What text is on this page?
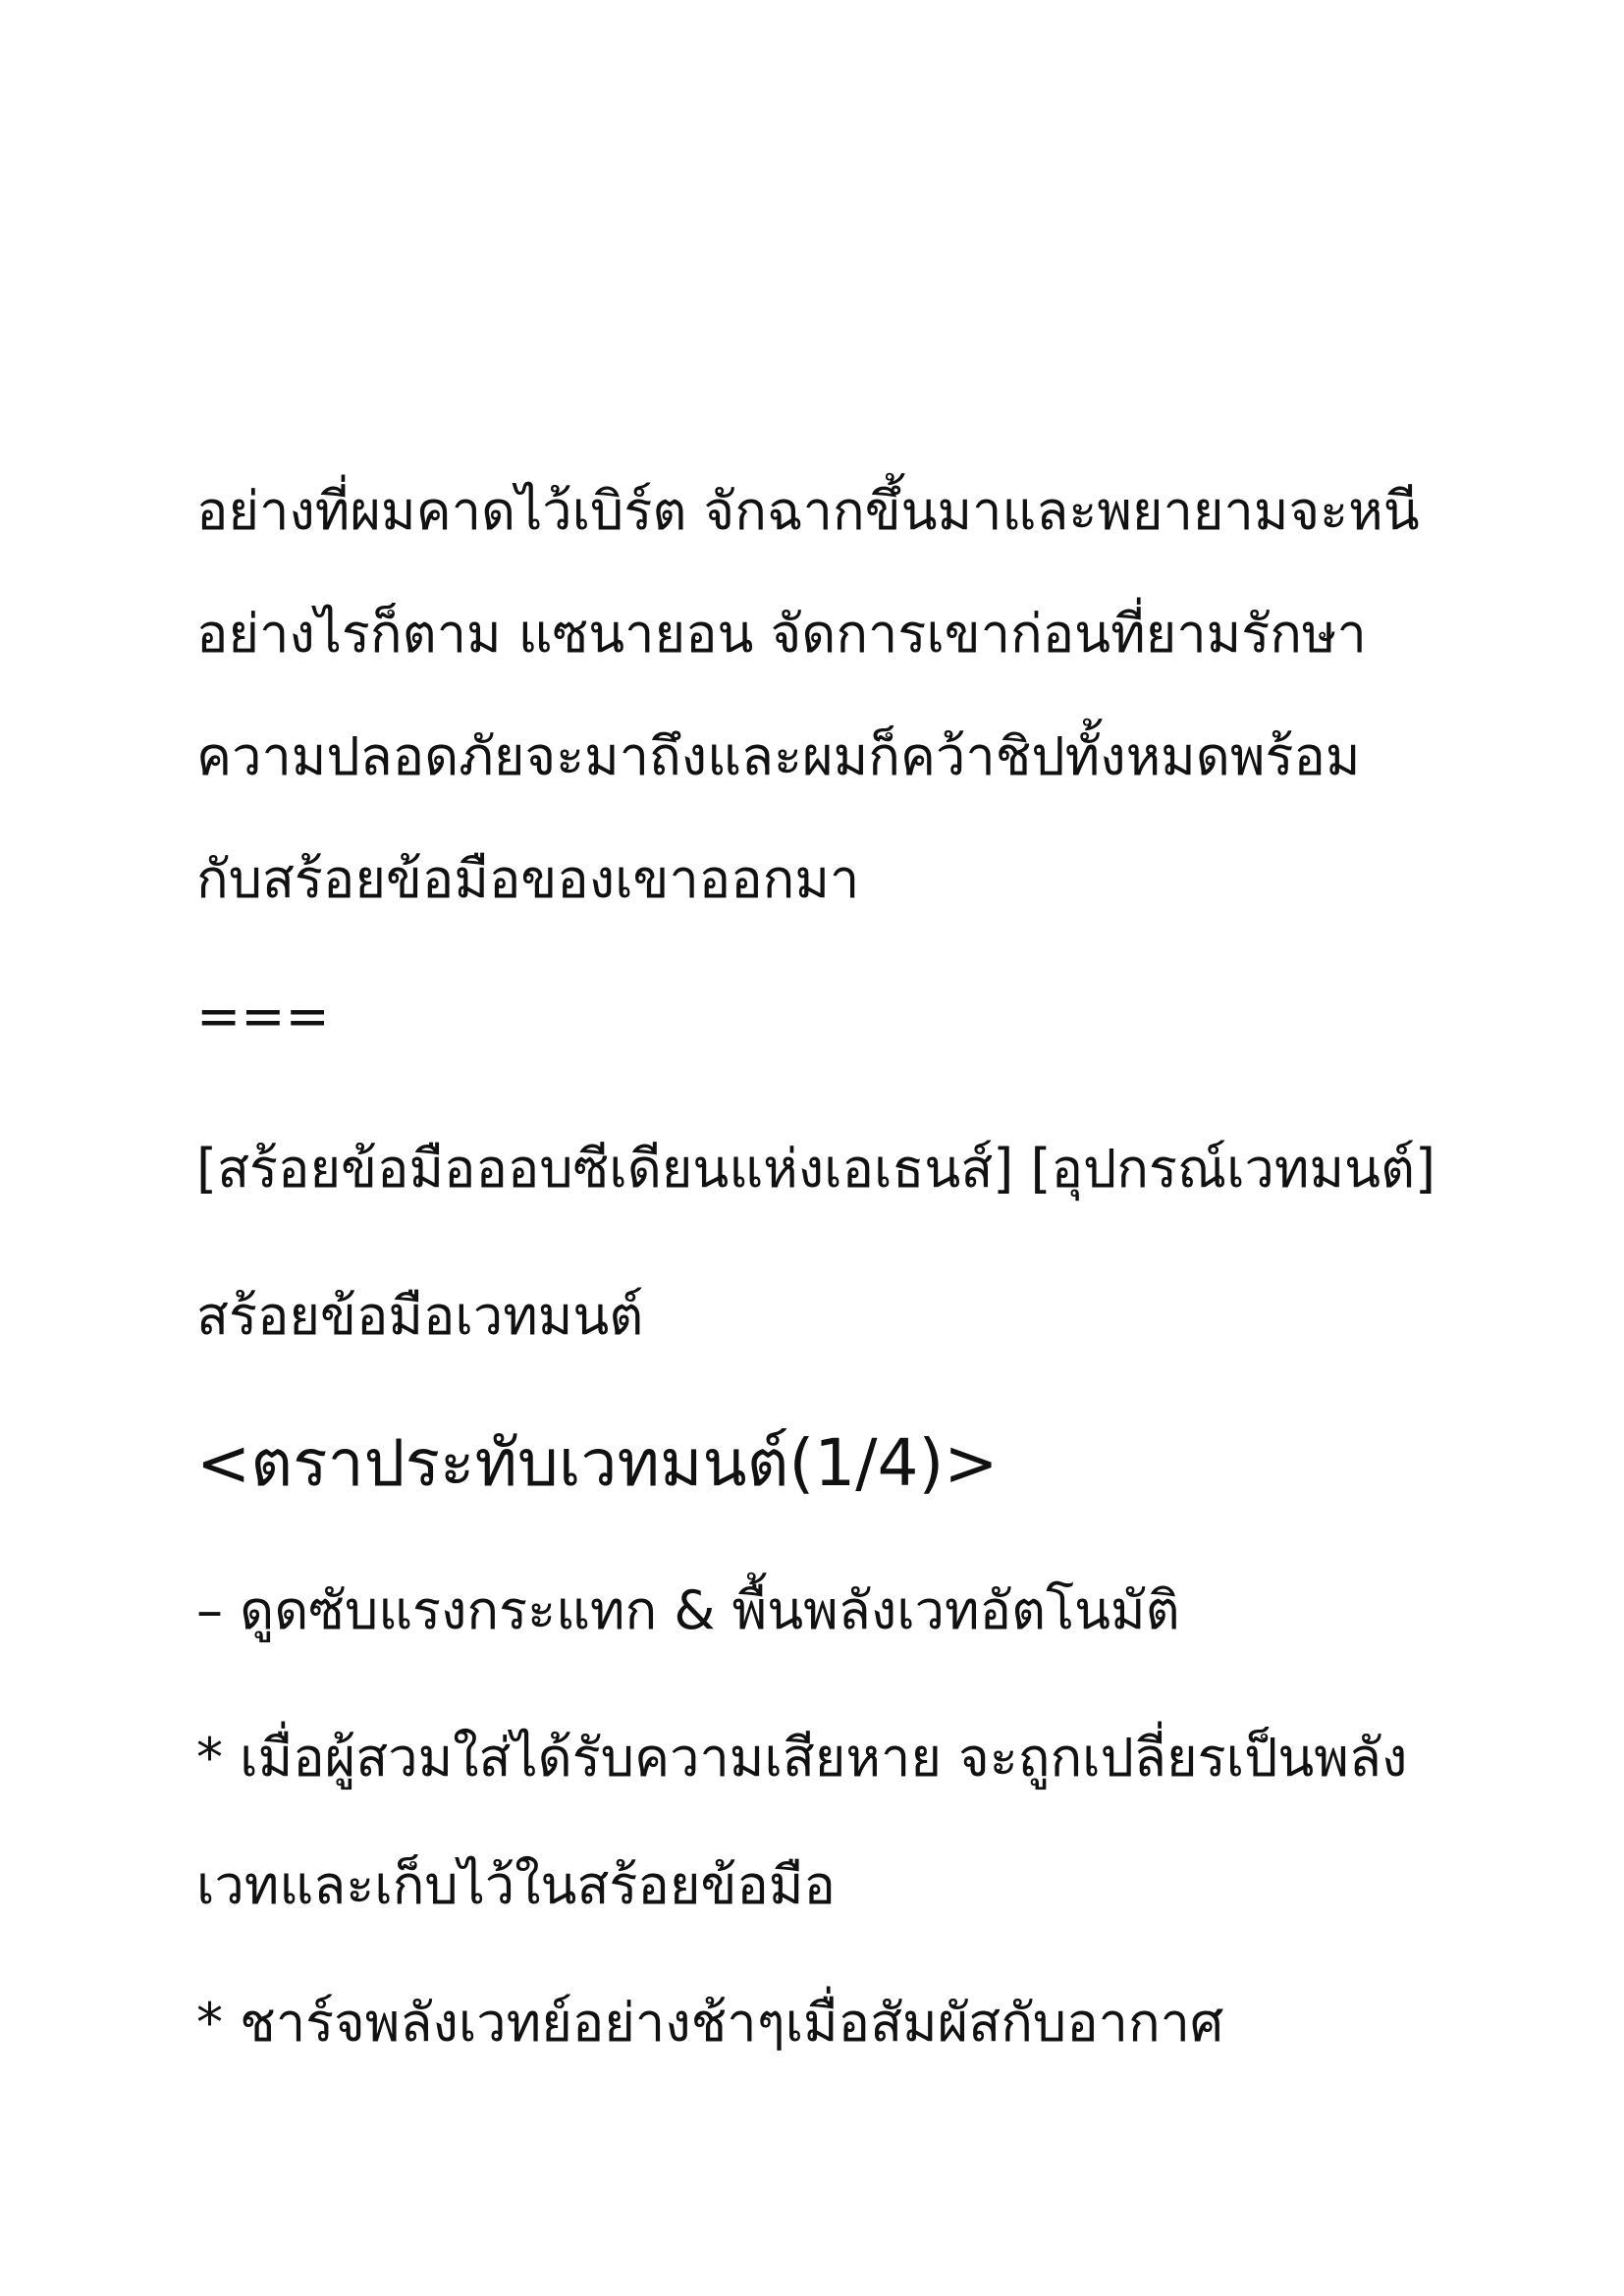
อย่างที่ผมคาดไว้เบิร์ต จักฉากขึ้นมาและพยายามจะหนี
อย่างไรก็ตาม แซนายอน จัดการเขาก่อนที่ยามรักษา
ความปลอดภัยจะมาถึงและผมก็คว้าชิปทั้งหมดพร้อม
กับสร้อยข้อมือของเขาออกมา
===
[สร้อยข้อมือออบซีเดียนแห่งเอเธนส์] [อุปกรณ์เวทมนต์]
สร้อยข้อมือเวทมนต์
<ตราประทับเวทมนต์(1/4)>
– ดูดซับแรงกระแทก & พื้นพลังเวทอัตโนมัติ
* เมื่อผู้สวมใส่ได้รับความเสียหาย จะถูกเปลี่ยรเป็นพลัง
เวทและเก็บไว้ในสร้อยข้อมือ
* ชาร์จพลังเวทย์อย่างช้าๆเมื่อสัมผัสกับอากาศ
